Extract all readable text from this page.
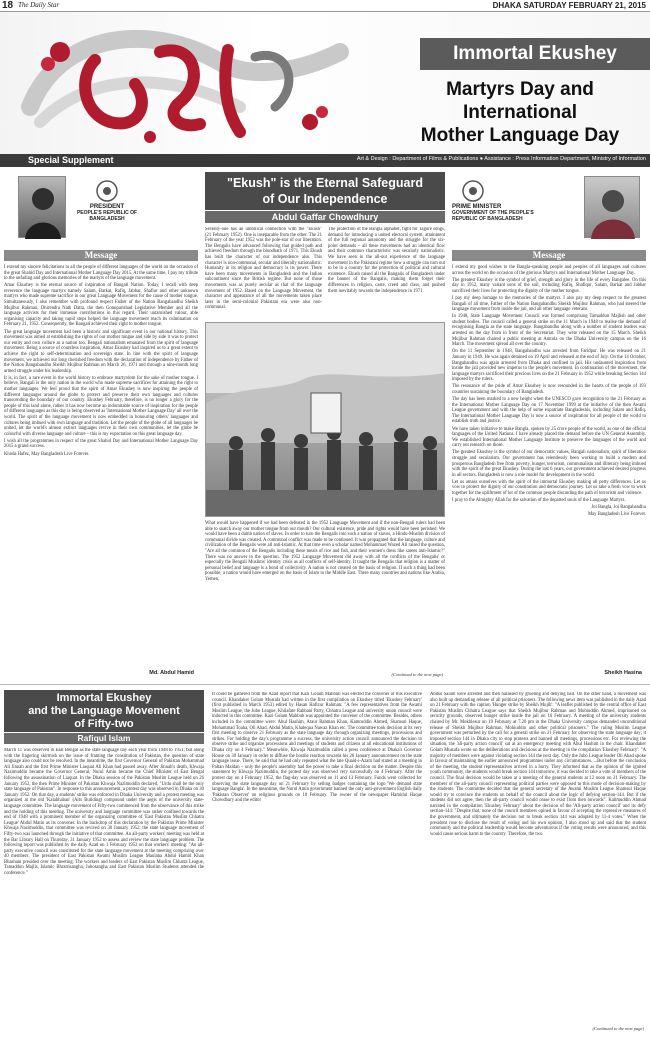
18 The Daily Star	DHAKA SATURDAY FEBRUARY 21, 2015
Immortal Ekushey
Martyrs Day and International
Mother Language Day
Special Supplement	Art & Design : Department of Films & Publications ● Assistance : Press Information Department, Ministry of Information
PRESIDENT
PEOPLE'S REPUBLIC OF
BANGLADESH
Message

I extend my sincere felicitations to all the people of different languages of the world on the occasion of the great Shahid Day and International Mother Language Day 2015. At the same time, I pay my tribute to the unfading and glorious memories of the martyrs of the language movement.

Amar Ekushey is the eternal source of inspiration of Bangali Nation. Today, I recall with deep reverence the language martyrs namely Salam, Barkat, Rafiq, Jabbar, Shafiur and other unknown martyrs who made supreme sacrifice in our great Language Movement for the cause of mother tongue. Simultaneously, I also remember with profound respect Father of the Nation Bangabandhu Sheikh Mujibur Rahman, Dhirendra Nath Datta, the then Gonoparishad Legislative Member and all the language activists for their immense contributions in this regard. Their untarnished valour, able organising capacity and taking rapid steps helped the language movement reach its culmination on February 21, 1952. Consequently, the Bangali achieved their right to mother tongue.

The great language movement had been a historic and significant event in our national history. This movement was aimed at establishing the rights of our mother tongue and side by side it was to protect our entity and own culture as a nation too. Bengali nationalism emanated from the spirit of language movement. Being a source of countless inspiration, Amar Ekushey had inspired us to a great extent to achieve the right to self-determination and sovereign state. In line with the spirit of language movement, we achieved our long cherished freedom with the declaration of independence by Father of the Nation Bangabandhu Sheikh Mujibur Rahman on March 26, 1971 and through a nine-month long armed struggle under his leadership.

It is, in fact, a rare event in the world history to embrace martyrdom for the sake of mother tongue. I believe, Bangali is the only nation in the world who made supreme sacrifices for attaining the right to mother languages. We feel proud that the spirit of Amar Ekushey is now inspiring the people of different languages around the globe to protect and preserve their own languages and cultures transcending the boundary of our country. Ekushey February, therefore, is no longer a glory for the people of this land alone, rather it has now become an indomitable source of inspiration for the people of different languages as this day is being observed as 'International Mother Language Day' all over the world. The spirit of the language movement is now embedded in honouring others' languages and cultures being imbued with own language and tradition. Let the people of the globe of all languages be united, let the world's almost extinct languages revive in their own communities, let the globe be colourful with diverse language and culture – this is my expectation on this great language day.

I wish all the programmes in respect of the great Shahid Day and International Mother Language Day 2015 a grand success.

Khoda Hafez, May Bangladesh Live Forever.

Md. Abdul Hamid
"Ekush" is the Eternal Safeguard
of Our Independence
Abdul Gaffar Chowdhury
Seventy-one has an umbilical connection with the "Ekush" (21 February 1952). One is inseparable from the other. The 21 February of the year 1952 was the pole-star of our liberation. The Bengalis have advanced following that guided path and achieved freedom through the bloodbath of 1971. This Ekush has built the character of our independence also. This character is non-communal, secular and liberally nationalistic. Humanity in its religion and democracy is its power. There have been many movements in Bangladesh and the Indian subcontinent since the British regime. But none of those movements was as purely secular as that of the language movement of 1952. Based on the Language Movement, the character and appearance of all the movements taken place later in the semi-colonial Pakistani era were also non-communal.
The protection of the Bangla alphabet, fight for Tagore songs, demand for introducing a united electoral system, attainment of the full regional autonomy and the struggle for the six-point demands – all these movements had an identical flow and their common characteristic was secularly nationalistic. We have seen in the all-out experience of the language movement in the Pakistani regime how a struggle can turn out to be in a country for the protection of political and cultural existence. Ekush raised all the Bangalis of Bangladesh under the banner of the Bangalis, making them forget their differences in religion, caste, creed and class, and pushed them inevitably towards the independence in 1971.
What would have happened if we had been defeated in the 1952 Language Movement and if the non-Bengali rulers had been able to snatch away our mother tongue from our mouth? Our cultural existence, pride and rights would have been perished. We would have been a dumb nation of slaves. In order to turn the Bengalis into such a nation of slaves, a Hindu-Muslim division of communal divide was created. A communal conflict was made to be continued. It was propagated that the language, culture and civilization of the Bengalis were all anti-Islamic. At that time even a scholar named Mohammad Wazed Ali raised the question, "Are all the common of the Bengalis including these meals of rice and fish, and their women's dress like sarees anti-Islamic?" There was no answer to the question. The 1952 Language Movement did away with all the conflicts of the Bengalis' or especially the Bengali Muslims' identity crisis as all conflicts of self-identity. It taught the Bengalis that religion is a matter of personal belief and language is a bond of collectivity. A nation is not created on the basis of religion. If such a thing had been possible, a nation would have emerged on the basis of Islam in the Middle East. There many countries and nations like Arabia, Yemen,
(Continued to the next page)
PRIME MINISTER
GOVERNMENT OF THE PEOPLE'S
REPUBLIC OF BANGLADESH
Message

I extend my good wishes to the Bangla-speaking people and peoples of all languages and cultures across the world on the occasion of the glorious Martyrs and International Mother Language Day.

The greatest Ekushey is the symbol of grief, strength and glory in the life of every Bangalee. On this day in 1952, many valiant sons of the soil, including Rafiq, Shafiqur, Salam, Barkat and Jabbar sacrificed their lives for protecting the dignity of the mother tongue.

I pay my deep homage to the memories of the martyrs. I also pay my deep respect to the greatest Bangali of all time, Father of the Nation Bangabandhu Sheikh Mujibur Rahman, who had steered the language movement from inside the jail, and all other language veterans.

In 1948, State Language Movement Council was formed comprising Tamaddun Majlish and other student bodies. The council called a general strike on the 11 March in 1948 to realise the demand of recognising Bangla as the state language. Bangabandhu along with a number of student leaders was arrested on the day from in front of the Secretariat. They were released on the 15 March. Sheikh Mujibur Rahman chaired a public meeting at Amtola on the Dhaka University campus on the 16 March. The movement spread all over the country.

On the 11 September in 1948, Bangabandhu was arrested from Faridpur. He was released on 21 January in 1949. He was again detained on 19 April and released at the end of July. On the 14 October, Bangabandhu was again arrested from Dhaka and confined in jail. His undaunted inspiration from inside the jail provided new impetus to the people's movement. In continuation of the movement, the language martyrs sacrificed their precious lives on the 21 February in 1952 while breaking Section 144 imposed by the rulers.

The resonance of the pride of Amar Ekushey is now resounded in the hearts of the people of 193 countries sustaining the boundary of Bangladesh.

The day has been marked to a new height when the UNESCO gave recognition to the 21 February as the International Mother Language Day on 17 November 1999 at the initiative of the then Awami League government and with the help of some expatriate Bangladeshis, including Salam and Rafiq. The International Mother Language Day is now a source of inspiration for all people of the world to establish truth and justice.

We have taken initiative to make Bangla, spoken by 25 crore people of the world, as one of the official languages of the United Nations. I have already placed the demand before the UN General Assembly. We established International Mother Language Institute to preserve the languages of the world and carry out research on those.

The greatest Ekushey is the symbol of our democratic values, Bangali nationalism, spirit of liberation struggle and secularism. Our government has relentlessly been working to build a modern and prosperous Bangladesh free from poverty, hunger, terrorism, communalism and illiteracy being imbued with the spirit of the great Ekushey. During the last 6 years, our government achieved desired progress in all sectors. Bangladesh is now a role model for development in the world.

Let us amass ourselves with the spirit of the immortal Ekushey making all petty differences. Let us vow to protect the dignity of our constitution and democratic journey. Let us take a fresh vow to work together for the upliftment of lot of the common people discarding the path of terrorism and violence.

I pray to the Almighty Allah for the salvation of the departed souls of the Language Martyrs.

Joi Bangla, Joi Bangabandhu

May Bangladesh Live Forever.

Sheikh Hasina
Immortal Ekushey
and the Language Movement
of Fifty-two
Rafiqul Islam
March 11 was observed in East Bengal as the state language day each year from 1948 to 1951; but along with the lingering skirmish on the issue of framing the constitution of Pakistan, the question of state language also could not be resolved. In the meantime, the first Governor General of Pakistan Mohammad Ali Jinnah and the first Prime Minister Liaquat Ali Khan had passed away. After Jinnah's death, Khwaja Nazimuddin became the Governor General, Nurul Amin became the Chief Minister of East Bengal following the assassination of Liaquat. In the Dhaka session of the Pakistan Muslim League held on 26 January 1952, the then Prime Minister of Pakistan Khwaja Nazimuddin declared, "Urdu shall be the only state language of Pakistan". In response to this announcement, a protest day was observed in Dhaka on 30 January 1952. On that day, a students' strike was enforced in Dhaka University and a protest meeting was organized at the old 'Kalabhaban' (Arts Building) compound under the aegis of the university state-language committee. The language movement of Fifty-two commenced from the observance of this strike and the holding of this meeting. The university and language committee was rather confined towards the end of 1948 with a prominent member of the organizing committee of 'East Pakistan Muslim Chhatra League' Abdul Matin as its convener. In the backdrop of this declaration by the Pakistan Prime Minister Khwaja Nazimuddin, that committee was revived on 30 January 1952; the state language movement of Fifty-two was launched through the initiative of that committee. An all-party workers' meeting was held at the Bar Library Hall on Thursday, 31 January 1952 to assess and review the state language problem. The following report was published by the daily Azad on 1 February 1952 on that workers' meeting: "An all-party executive council was constituted for the state language movement at the meeting comprising over 40 members. The president of East Pakistan Awami Muslim League Maulana Abdul Hamid Khan Bhashani presided over the meeting. The workers and leaders of East Pakistan Muslim Chhatra League, Tamaddun Majlis, Islamic Bhratrisangha, Jubosangha and East Pakistan Muslim Students attended the conference."
It could be gathered from the Azad report that Kazi Golam Mahbub was elected the convener of this executive council. Khandaker Golam Mustafa had written in the first compilation on Ekushey titled 'Ekushey February' (first published in March 1953) edited by Hasan Hafizur Rahman: "A few representatives from the Awami Muslim League, the Jubo League, Khilafate Rabbani Party, Chhatra League and university union council were inducted in this committee. Kazi Golam Mahbub was appointed the convener of the committee. Besides, others included in the committee were: Abul Hashim, Ataur Rahman Khan, Kamruddin Ahmed, Shamsul Haque, Mohammad Toaha, Oli Ahad, Abdul Matin, Khalequa Nawaz Khan etc. The committee took decision at its very first meeting to observe 21 February as the state language day through organizing meetings, processions and strikes. For holding the day's programme a success, the university action council announced the decision to observe strike and organize processions and meetings of students and citizens at all educational institutions of Dhaka city on 4 February." Meanwhile, Khwaja Nazimuddin called a press conference at Dhaka's Governor House on 30 January in order to diffuse the hostile reaction towards his 26 January announcement on the state language issue. There, he said that he had only repeated what the late Quaid-i-Azam had stated at a meeting in Paltan Maidan – only the people's assembly had the power to take a final decision on the matter. Despite this statement by Khwaja Nazimuddin, the protest day was observed very successfully on 4 February. After the protest day on 4 February 1952, the flag-day was observed on 11 and 13 February. Funds were collected for observing the state language day on 21 February by selling badges containing the logo 'We demand state language Bangla'. In the meantime, the Nurul Amin government banned the only anti-government English daily 'Pakistan Observer' on religious grounds on 10 February. The owner of the newspaper Hamidul Haque Chowdhury and the editor
Abdus Salam were arrested and then harassed by grueling and denying bail. On the other hand, a movement was also built up demanding release of all political prisoners. The following news item was published in the daily Azad on 21 February with the caption 'Hunger strike by Sheikh Mujib': "A leaflet published by the central office of East Pakistan Muslim Chhatra League says that Sheikh Mujibur Rahman and Mohiuddin Ahmed, imprisoned on security grounds, observed hunger strike inside the jail on 16 February. A meeting of the university students chaired by Mr. Mokhlesur on 19 February at 7.20 pm in the Dhaka University campus demanded unconditional release of Sheikh Mujibur Rahman, Mohiuddin and other political prisoners." The ruling Muslim League government was perturbed by the call for a general strike on 21 February for observing the state language day; it imposed section 144 in Dhaka city to stop protests and banned all meetings, processions etc. For reviewing the situation, the 'all-party action council' sat at an emergency meeting with Abul Hashim in the chair. Khandaker Golam Mustafa wrote on the deliberations and decisions at the meeting in the compilation 'Ekushey February': "A majority of members were against violating section 144 the next day. Only the Jubo League leader Oli Ahad spoke in favour of maintaining the earlier announced programmes under any circumstances. ...But before the conclusion of the meeting, the student representatives arrived in a hurry. They informed that as the opinion of the ignited youth community, the students would break section 144 tomorrow, it was decided to take a vote of members of the council. The final decision would be taken at a meeting of the general students at 12 noon on 21 February. The members of the all-party council representing political parties were opposed to this mode of decision-making by the students. The committee decided that the general secretary of the Awami Muslim League Shamsul Haque would try to convince the students on behalf of the council about the logic of defying section-144. But if the students did not agree, then the all-party council would cease to exist from then onwards". Kalimuddin Ahmad narrated in the compilation 'Ekushey February' about the decision of the 'All-party action council' and its defy section-144: "Despite that, none of the council members opined in favour of accepting the repressive measures of the government, and ultimately the decision not to break section 144 was adopted by 11-4 votes." When the president rose to disclose the result of voting and his own opinion, I also stood up and said that the student community and the political leadership would become adventurous if the voting results were announced, and this would cause serious harm to the country. Therefore, the two
(Continued to the next page)
